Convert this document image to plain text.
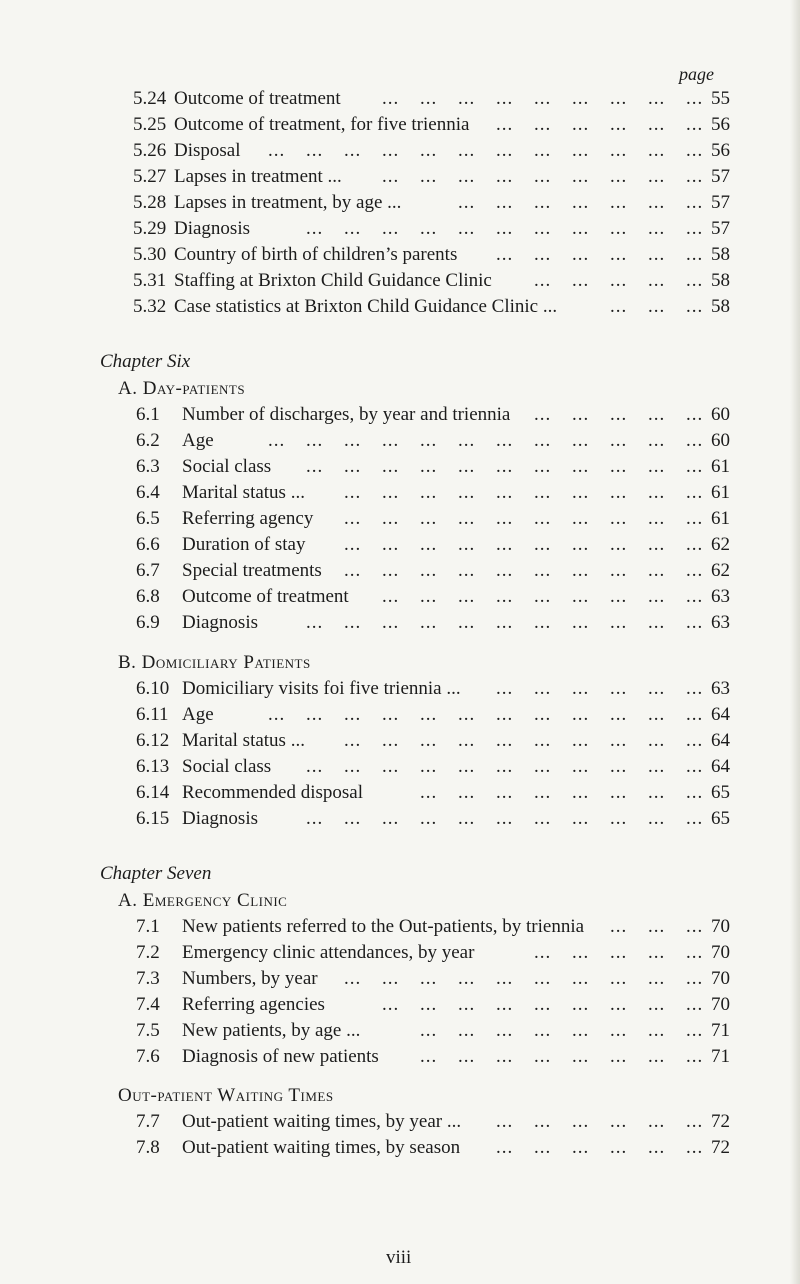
page
5.24 Outcome of treatment ... ... ... ... ... ... ... ... ... 55
5.25 Outcome of treatment, for five triennia ... ... ... ... ... ... 56
5.26 Disposal ... ... ... ... ... ... ... ... ... ... ... ... 56
5.27 Lapses in treatment ... ... ... ... ... ... ... ... ... ... 57
5.28 Lapses in treatment, by age ...	... ... ... ... ... ... ... 57
5.29 Diagnosis	... ... ... ... ... ... ... ... ... ... ... 57
5.30 Country of birth of children’s parents ... ... ... ... ... ... 58
5.31 Staffing at Brixton Child Guidance Clinic ... ... ... ... ... 58
5.32 Case statistics at Brixton Child Guidance Clinic ...	... ... ... 58
Chapter Six
A. Day-patients
6.1 Number of discharges, by year and triennia ... ... ... ... ... 60
6.2 Age	... ... ... ... ... ... ... ... ... ... ... ... 60
6.3 Social class ... ... ... ... ... ... ... ... ... ... ... 61
6.4 Marital status ... ... ... ... ... ... ... ... ... ... ... 61
6.5 Referring agency ... ... ... ... ... ... ... ... ... ... 61
6.6 Duration of stay ... ... ... ... ... ... ... ... ... ... 62
6.7 Special treatments ... ... ... ... ... ... ... ... ... ... 62
6.8 Outcome of treatment ... ... ... ... ... ... ... ... ... 63
6.9 Diagnosis	... ... ... ... ... ... ... ... ... ... ... 63
B. Domiciliary Patients
6.10 Domiciliary visits foi five triennia ... ... ... ... ... ... ... 63
6.11 Age	... ... ... ... ... ... ... ... ... ... ... ... 64
6.12 Marital status ... ... ... ... ... ... ... ... ... ... ... 64
6.13 Social class ... ... ... ... ... ... ... ... ... ... ... 64
6.14 Recommended disposal	... ... ... ... ... ... ... ... 65
6.15 Diagnosis	... ... ... ... ... ... ... ... ... ... ... 65
Chapter Seven
A. Emergency Clinic
7.1 New patients referred to the Out-patients, by triennia ... ... ... 70
7.2 Emergency clinic attendances, by year	... ... ... ... ... 70
7.3 Numbers, by year ... ... ... ... ... ... ... ... ... ... 70
7.4 Referring agencies	... ... ... ... ... ... ... ... ... 70
7.5 New patients, by age ...	... ... ... ... ... ... ... ... 71
7.6 Diagnosis of new patients ... ... ... ... ... ... ... ... 71
Out-patient Waiting Times
7.7 Out-patient waiting times, by year ... ... ... ... ... ... ... 72
7.8 Out-patient waiting times, by season ... ... ... ... ... ... 72
viii
